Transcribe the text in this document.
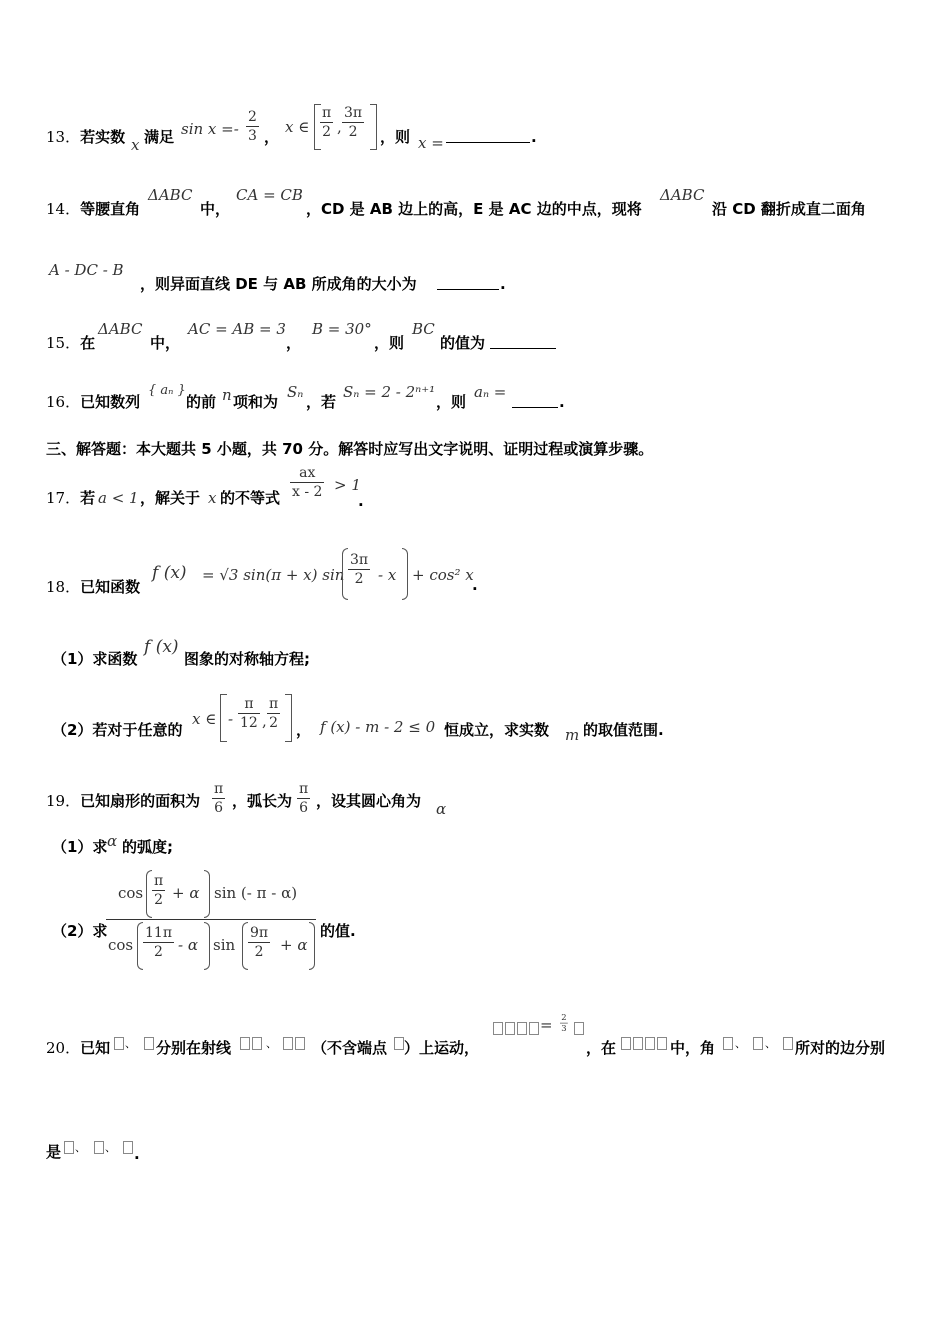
13．若实数 x 满足 $\sin x =- \frac{2}{3}$ ，
x ∈ $\frac{\pi}{2}$ , $\frac{3\pi}{2}$ ，则 x =	.
14．等腰直角
ΔABC
中，
CA = CB
，CD 是 AB 边上的高，E 是 AC 边的中点，现将
ΔABC
沿 CD 翻折成直二面角
A - DC - B
，则异面直线 DE 与 AB 所成角的大小为	.
15．在
ΔABC
中，
AC = AB = 3
，
B = 30°
，则
BC
的值为
16．已知数列
{ aₙ }
的前 n 项和为
Sₙ
，若
Sₙ = 2 - 2ⁿ⁺¹
，则
aₙ =
.
三、解答题：本大题共 5 小题，共 70 分。解答时应写出文字说明、证明过程或演算步骤。
17．若 a < 1 ，解关于 x 的不等式 $\frac{ax}{x - 2} > 1$
.
18．已知函数
f (x) = √3 sin(π + x) $\sin \frac{3\pi}{2} - x + \cos^2$ x
.
（1）求函数
f (x)
图象的对称轴方程;
（2）若对于任意的
x ∈ - $\frac{\pi}{12}$ , $\frac{\pi}{2}$ ， f (x) - m - 2 ≤ 0 恒成立，求实数 m 的取值范围.
19．已知扇形的面积为 $\frac{\pi}{6}$ ，弧长为 $\frac{\pi}{6}$ ，设其圆心角为 α
（1）求 α 的弧度;
（2）求
$\cos \frac{\pi}{2} + \alpha$ sin (- π - α)
$\cos \frac{11\pi}{2}$ - α $\sin \frac{9\pi}{2} + \alpha$
的值.
20．已知 、 分别在射线	、 （不含端点 ）上运动，
= $\frac{2}{3}$
，在	中，角 、 、 所对的边分别
是 、 、 .
